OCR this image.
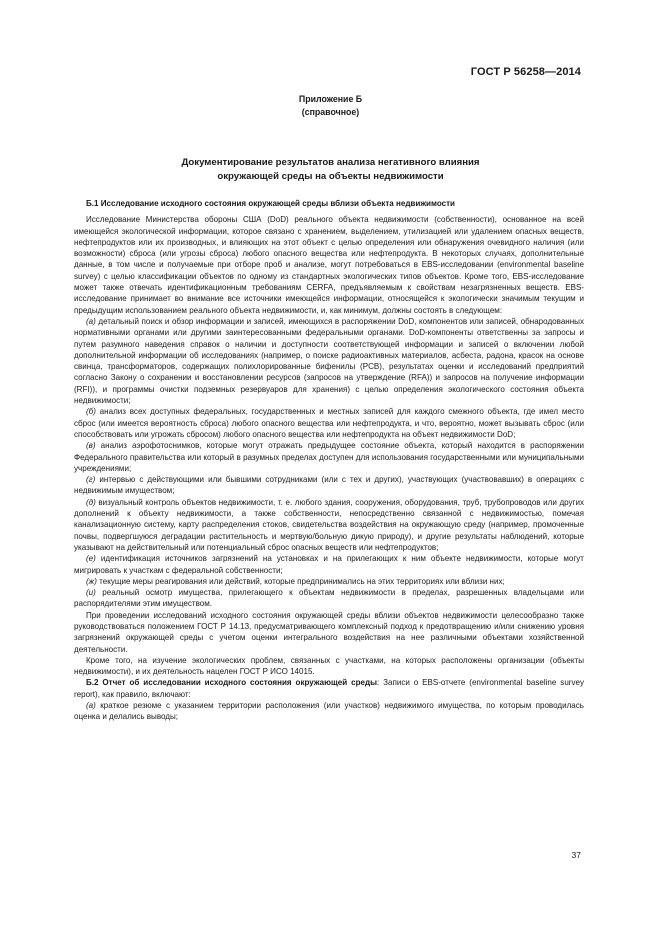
ГОСТ Р 56258—2014
Приложение Б
(справочное)
Документирование результатов анализа негативного влияния
окружающей среды на объекты недвижимости

Б.1 Исследование исходного состояния окружающей среды вблизи объекта недвижимости

Исследование Министерства обороны США (DoD) реального объекта недвижимости (собственности), основанное на всей имеющейся экологической информации, которое связано с хранением, выделением, утилизацией или удалением опасных веществ, нефтепродуктов или их производных, и влияющих на этот объект с целью определения или обнаружения очевидного наличия (или возможности) сброса (или угрозы сброса) любого опасного вещества или нефтепродукта. В некоторых случаях, дополнительные данные, в том числе и получаемые при отборе проб и анализе, могут потребоваться в EBS-исследовании (environmental baseline survey) с целью классификации объектов по одному из стандартных экологических типов объектов. Кроме того, EBS-исследование может также отвечать идентификационным требованиям CERFA, предъявляемым к свойствам незагрязненных веществ. EBS-исследование принимает во внимание все источники имеющейся информации, относящейся к экологически значимым текущим и предыдущим использованием реального объекта недвижимости, и, как минимум, должны состоять в следующем:

(а) детальный поиск и обзор информации и записей, имеющихся в распоряжении DoD, компонентов или записей, обнародованных нормативными органами или другими заинтересованными федеральными органами. DoD-компоненты ответственны за запросы и путем разумного наведения справок о наличии и доступности соответствующей информации и записей о включении любой дополнительной информации об исследованиях (например, о поиске радиоактивных материалов, асбеста, радона, красок на основе свинца, трансформаторов, содержащих полихлорированные бифенилы (PCB), результатах оценки и исследований предприятий согласно Закону о сохранении и восстановлении ресурсов (запросов на утверждение (RFA)) и запросов на получение информации (RFI)), и программы очистки подземных резервуаров для хранения) с целью определения экологического состояния объекта недвижимости;

(б) анализ всех доступных федеральных, государственных и местных записей для каждого смежного объекта, где имел место сброс (или имеется вероятность сброса) любого опасного вещества или нефтепродукта, и что, вероятно, может вызывать сброс (или способствовать или угрожать сбросом) любого опасного вещества или нефтепродукта на объект недвижимости DoD;

(в) анализ аэрофотоснимков, которые могут отражать предыдущее состояние объекта, который находится в распоряжении Федерального правительства или который в разумных пределах доступен для использования государственными или муниципальными учреждениями;

(г) интервью с действующими или бывшими сотрудниками (или с тех и других), участвующих (участвовавших) в операциях с недвижимым имуществом;

(д) визуальный контроль объектов недвижимости, т. е. любого здания, сооружения, оборудования, труб, трубопроводов или других дополнений к объекту недвижимости, а также собственности, непосредственно связанной с недвижимостью, помечая канализационную систему, карту распределения стоков, свидетельства воздействия на окружающую среду (например, промоченные почвы, подвергшуюся деградации растительность и мертвую/больную дикую природу), и другие результаты наблюдений, которые указывают на действительный или потенциальный сброс опасных веществ или нефтепродуктов;

(е) идентификация источников загрязнений на установках и на прилегающих к ним объекте недвижимости, которые могут мигрировать к участкам с федеральной собственности;

(ж) текущие меры реагирования или действий, которые предпринимались на этих территориях или вблизи них;

(и) реальный осмотр имущества, прилегающего к объектам недвижимости в пределах, разрешенных владельцами или распорядителями этим имуществом.

При проведении исследований исходного состояния окружающей среды вблизи объектов недвижимости целесообразно также руководствоваться положением ГОСТ Р 14.13, предусматривающего комплексный подход к предотвращению и/или снижению уровня загрязнений окружающей среды с учетом оценки интегрального воздействия на нее различными объектами хозяйственной деятельности.

Кроме того, на изучение экологических проблем, связанных с участками, на которых расположены организации (объекты недвижимости), и их деятельность нацелен ГОСТ Р ИСО 14015.

Б.2 Отчет об исследовании исходного состояния окружающей среды: Записи о EBS-отчете (environmental baseline survey report), как правило, включают:

(а) краткое резюме с указанием территории расположения (или участков) недвижимого имущества, по которым проводилась оценка и делались выводы;

37
